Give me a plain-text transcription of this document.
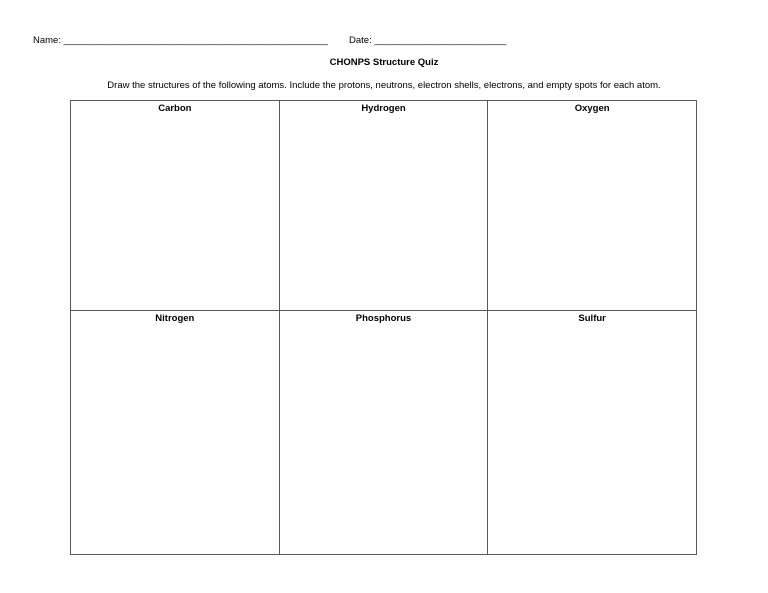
Name: __________________________________________________ Date: _________________________
CHONPS Structure Quiz
Draw the structures of the following atoms. Include the protons, neutrons, electron shells, electrons, and empty spots for each atom.
Carbon	Hydrogen	Oxygen
Nitrogen	Phosphorus	Sulfur
